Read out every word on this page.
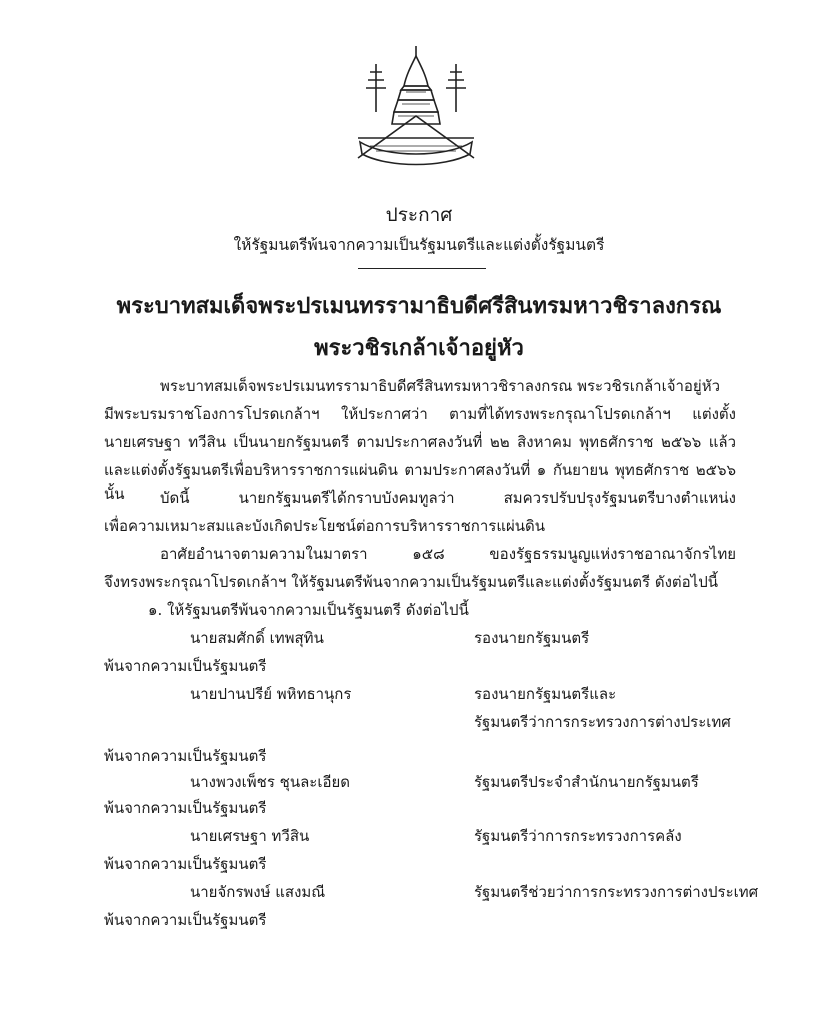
ประกาศ
ให้รัฐมนตรีพ้นจากความเป็นรัฐมนตรีและแต่งตั้งรัฐมนตรี
พระบาทสมเด็จพระปรเมนทรรามาธิบดีศรีสินทรมหาวชิราลงกรณ
พระวชิรเกล้าเจ้าอยู่หัว
พระบาทสมเด็จพระปรเมนทรรามาธิบดีศรีสินทรมหาวชิราลงกรณ พระวชิรเกล้าเจ้าอยู่หัว
มีพระบรมราชโองการโปรดเกล้าฯ ให้ประกาศว่า ตามที่ได้ทรงพระกรุณาโปรดเกล้าฯ แต่งตั้ง
นายเศรษฐา ทวีสิน เป็นนายกรัฐมนตรี ตามประกาศลงวันที่ ๒๒ สิงหาคม พุทธศักราช ๒๕๖๖ แล้ว
และแต่งตั้งรัฐมนตรีเพื่อบริหารราชการแผ่นดิน ตามประกาศลงวันที่ ๑ กันยายน พุทธศักราช ๒๕๖๖ นั้น	บัดนี้ นายกรัฐมนตรีได้กราบบังคมทูลว่า สมควรปรับปรุงรัฐมนตรีบางตำแหน่ง
เพื่อความเหมาะสมและบังเกิดประโยชน์ต่อการบริหารราชการแผ่นดิน
อาศัยอำนาจตามความในมาตรา ๑๕๘ ของรัฐธรรมนูญแห่งราชอาณาจักรไทย
จึงทรงพระกรุณาโปรดเกล้าฯ ให้รัฐมนตรีพ้นจากความเป็นรัฐมนตรีและแต่งตั้งรัฐมนตรี ดังต่อไปนี้
๑. ให้รัฐมนตรีพ้นจากความเป็นรัฐมนตรี ดังต่อไปนี้
นายสมศักดิ์ เทพสุทิน	รองนายกรัฐมนตรี
พ้นจากความเป็นรัฐมนตรี
นายปานปรีย์ พหิทธานุกร	รองนายกรัฐมนตรีและ
รัฐมนตรีว่าการกระทรวงการต่างประเทศ
พ้นจากความเป็นรัฐมนตรี
นางพวงเพ็ชร ชุนละเอียด	รัฐมนตรีประจำสำนักนายกรัฐมนตรี
พ้นจากความเป็นรัฐมนตรี
นายเศรษฐา ทวีสิน	รัฐมนตรีว่าการกระทรวงการคลัง
พ้นจากความเป็นรัฐมนตรี
นายจักรพงษ์ แสงมณี	รัฐมนตรีช่วยว่าการกระทรวงการต่างประเทศ
พ้นจากความเป็นรัฐมนตรี
